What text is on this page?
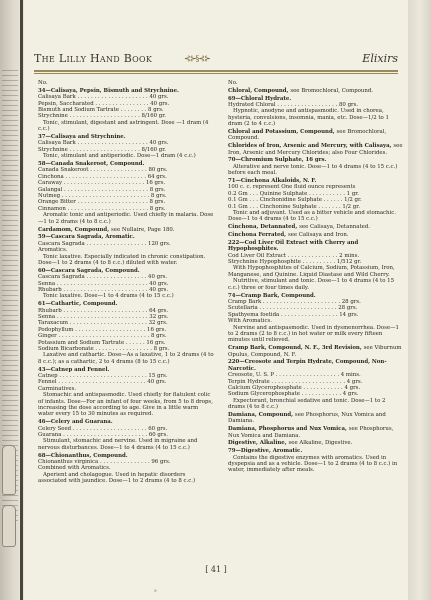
The Lilly Hand Book	⊰⊱§⊰⊱	Elixirs

No.

34—Calisaya, Pepsin, Bismuth and Strychnine.
Calisaya Bark . . . . . . . . . . . . . . . . . . . . . 40 grs.
Pepsin, Saccharated . . . . . . . . . . . . . . . . 40 grs.
Bismuth and Sodium Tartrate . . . . . . . . 8 grs.
Strychnine . . . . . . . . . . . . . . . . . . . . . 8/160 gr.
Tonic, stimulant, digestant and astringent. Dose —1 dram (4 c.c.)
37—Calisaya and Strychnine.
Calisaya Bark . . . . . . . . . . . . . . . . . . . . . 40 grs.
Strychnine . . . . . . . . . . . . . . . . . . . . . 8/160 gr.
Tonic, stimulant and antiperiodic. Dose—1 dram (4 c.c.)
58—Canada Snakeroot, Compound.
Canada Snakeroot . . . . . . . . . . . . . . . . . 80 grs.
Cinchona . . . . . . . . . . . . . . . . . . . . . . . . 64 grs.
Caraway . . . . . . . . . . . . . . . . . . . . . . . . 16 grs.
Galangal . . . . . . . . . . . . . . . . . . . . . . . . . 8 grs.
Nutmeg . . . . . . . . . . . . . . . . . . . . . . . . . . 8 grs.
Orange Bitter . . . . . . . . . . . . . . . . . . . . . 8 grs.
Cinnamon . . . . . . . . . . . . . . . . . . . . . . . . 8 grs.
Aromatic tonic and antiperiodic. Used chiefly in malaria. Dose—1 to 2 drams (4 to 8 c.c.)
Cardamom, Compound, see Nullaire, Page 180.
59—Cascara Sagrada, Aromatic.
Cascara Sagrada . . . . . . . . . . . . . . . . . . 120 grs.
Aromatics.
Tonic laxative. Especially indicated in chronic constipation. Dose—1 to 2 drams (4 to 8 c.c.) diluted with water.
60—Cascara Sagrada, Compound.
Cascara Sagrada . . . . . . . . . . . . . . . . . . 40 grs.
Senna . . . . . . . . . . . . . . . . . . . . . . . . . . . 40 grs.
Rhubarb . . . . . . . . . . . . . . . . . . . . . . . . . 40 grs.
Tonic laxative. Dose—1 to 4 drams (4 to 15 c.c.)
61—Cathartic, Compound.
Rhubarb . . . . . . . . . . . . . . . . . . . . . . . . . 64 grs.
Senna . . . . . . . . . . . . . . . . . . . . . . . . . . . 32 grs.
Taraxacum . . . . . . . . . . . . . . . . . . . . . . . 32 grs.
Podophyllum . . . . . . . . . . . . . . . . . . . . . 16 grs.
Ginger . . . . . . . . . . . . . . . . . . . . . . . . . . . 8 grs.
Potassium and Sodium Tartrate . . . . . . 16 grs.
Sodium Bicarbonate . . . . . . . . . . . . . . . . . 8 grs.
Laxative and cathartic. Dose—As a laxative, 1 to 2 drams (4 to 8 c.c.); as a cathartic, 2 to 4 drams (8 to 15 c.c.)
43—Catnep and Fennel.
Catnep . . . . . . . . . . . . . . . . . . . . . . . . . . 15 grs.
Fennel . . . . . . . . . . . . . . . . . . . . . . . . . . 40 grs.
Carminatives.
Stomachic and antispasmodic. Used chiefly for flatulent colic of infants. Dose—For an infant of four weeks, from 5 to 8 drops, increasing the dose according to age. Give in a little warm water every 15 to 30 minutes as required.
46—Celery and Guarana.
Celery Seed . . . . . . . . . . . . . . . . . . . . . . 60 grs.
Guarana . . . . . . . . . . . . . . . . . . . . . . . . . 60 grs.
Stimulant, stomachic and nervine. Used in migraine and nervous disturbances. Dose—1 to 4 drams (4 to 15 c.c.)
68—Chionanthus, Compound.
Chionanthus virginica . . . . . . . . . . . . . . . 96 grs.
Combined with Aromatics.
Aperient and cholagogue. Used in hepatic disorders associated with jaundice. Dose—1 to 2 drams (4 to 8 c.c.)

No.

Chloral, Compound, see Bromochloral, Compound.
69—Chloral Hydrate.
Hydrated Chloral . . . . . . . . . . . . . . . . . . 80 grs.
Hypnotic, anodyne and antispasmodic. Used in chorea, hysteria, convulsions, insomnia, mania, etc. Dose—1/2 to 1 dram (2 to 4 c.c.)
Chloral and Potassium, Compound, see Bromochloral, Compound.
Chlorides of Iron, Arsenic and Mercury, with Calisaya, see Iron, Arsenic and Mercury Chlorides; also Four Chlorides.
70—Chromium Sulphate, 16 grs.
Alterative and nerve tonic. Dose—1 to 4 drams (4 to 15 c.c.) before each meal.
71—Cinchona Alkaloids, N. F.
100 c. c. represent One fluid ounce represents
0.2 Gm . . . Quinine Sulphate . . . . . . . . . . . 1 gr.
0.1 Gm . . . Cinchonidine Sulphate . . . . . . 1/2 gr.
0.1 Gm . . . Cinchonine Sulphate . . . . . . . 1/2 gr.
Tonic and adjuvant. Used as a bitter vehicle and stomachic. Dose—1 to 4 drams (4 to 15 c.c.)
Cinchona, Detannated, see Calisaya, Detannated.
Cinchona Ferrated, see Calisaya and Iron.
222—Cod Liver Oil Extract with Cherry and Hypophosphites.
Cod Liver Oil Extract . . . . . . . . . . . . . . . 2 mins.
Strychnine Hypophosphite . . . . . . . . . . 1/512 gr.
With Hypophosphites of Calcium, Sodium, Potassium, Iron, Manganese, and Quinine. Liquid Diastase and Wild Cherry.
Nutritive, stimulant and tonic. Dose—1 to 4 drams (4 to 15 c.c.) three or four times daily.
74—Cramp Bark, Compound.
Cramp Bark . . . . . . . . . . . . . . . . . . . . . . . 28 grs.
Scutellaria . . . . . . . . . . . . . . . . . . . . . . . 28 grs.
Spathyema foetida . . . . . . . . . . . . . . . . . 14 grs.
With Aromatics.
Nervine and antispasmodic. Used in dysmenorrhea. Dose—1 to 2 drams (2 to 8 c.c.) in hot water or milk every fifteen minutes until relieved.
Cramp Bark, Compound, N. F., 3rd Revision, see Viburnum Opulus, Compound, N. F.
220—Creosote and Terpin Hydrate, Compound, Non-Narcotic.
Creosote, U. S. P . . . . . . . . . . . . . . . . . . . 4 mins.
Terpin Hydrate . . . . . . . . . . . . . . . . . . . . . . 4 grs.
Calcium Glycerophosphate . . . . . . . . . . . . 4 grs.
Sodium Glycerophosphate . . . . . . . . . . . . 4 grs.
Expectorant, bronchial sedative and tonic. Dose—1 to 2 drams (4 to 8 c.c.)
Damiana, Compound, see Phosphorus, Nux Vomica and Damiana.
Damiana, Phosphorus and Nux Vomica, see Phosphorus, Nux Vomica and Damiana.
Digestive, Alkaline, see Alkaline, Digestive.
79—Digestive, Aromatic.
Contains the digestive enzymes with aromatics. Used in dyspepsia and as a vehicle. Dose—1 to 2 drams (4 to 8 c.c.) in water, immediately after meals.
[ 41 ]
9
